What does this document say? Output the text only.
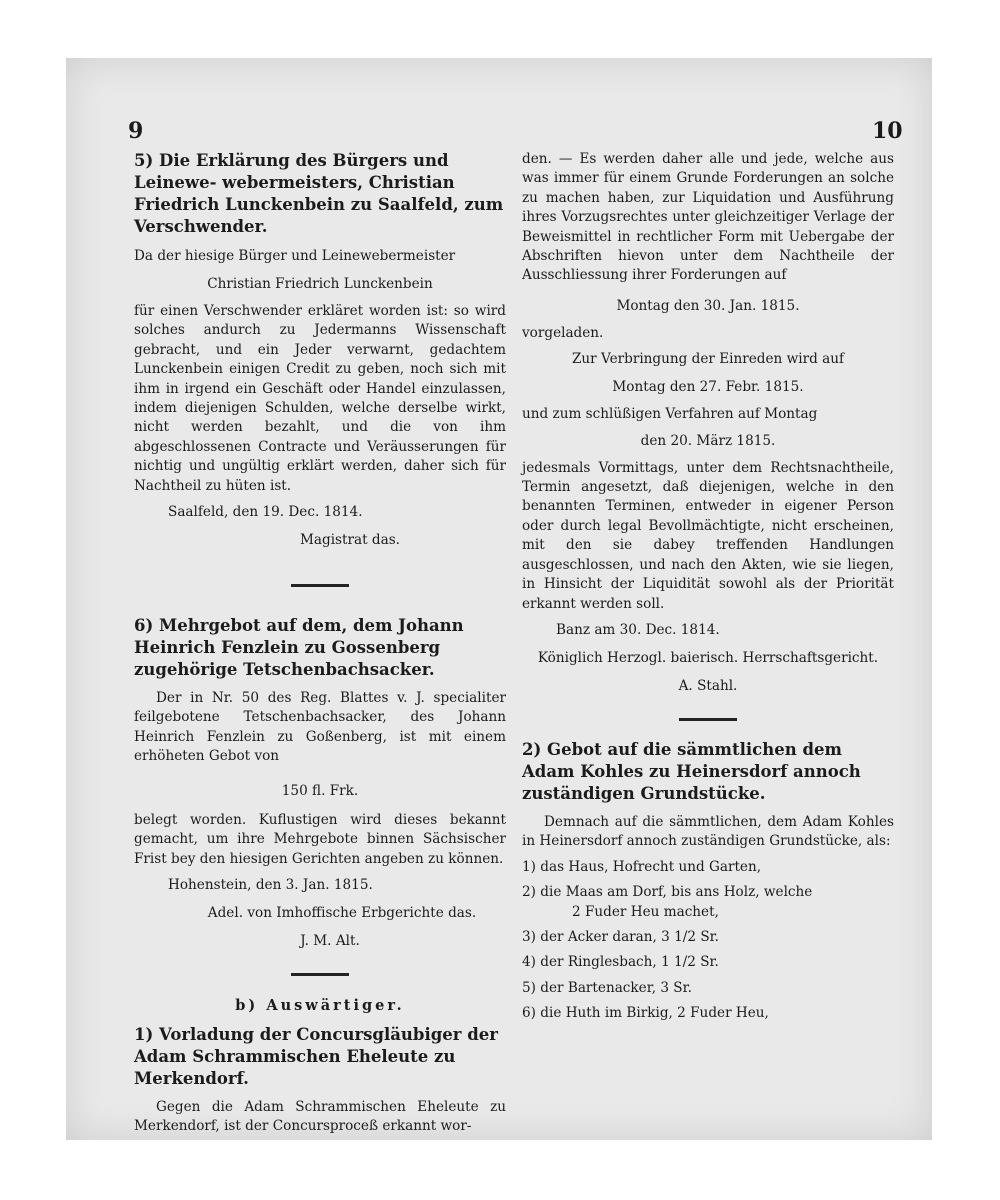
9	10

5) Die Erklärung des Bürgers und Leinewe- webermeisters, Christian Friedrich Lunckenbein zu Saalfeld, zum Verschwender.

Da der hiesige Bürger und Leinewebermeister

Christian Friedrich Lunckenbein

für einen Verschwender erkläret worden ist: so wird solches andurch zu Jedermanns Wissenschaft gebracht, und ein Jeder verwarnt, gedachtem Lunckenbein einigen Credit zu geben, noch sich mit ihm in irgend ein Geschäft oder Handel einzulassen, indem diejenigen Schulden, welche derselbe wirkt, nicht werden bezahlt, und die von ihm abgeschlossenen Contracte und Veräusserungen für nichtig und ungültig erklärt werden, daher sich für Nachtheil zu hüten ist.

Saalfeld, den 19. Dec. 1814.

Magistrat das.

6) Mehrgebot auf dem, dem Johann Heinrich Fenzlein zu Gossenberg zugehörige Tetschenbachsacker.

Der in Nr. 50 des Reg. Blattes v. J. specialiter feilgebotene Tetschenbachsacker, des Johann Heinrich Fenzlein zu Goßenberg, ist mit einem erhöheten Gebot von

150 fl. Frk.

belegt worden. Kuflustigen wird dieses bekannt gemacht, um ihre Mehrgebote binnen Sächsischer Frist bey den hiesigen Gerichten angeben zu können.

Hohenstein, den 3. Jan. 1815.

Adel. von Imhoffische Erbgerichte das.

J. M. Alt.

b) Auswärtiger.

1) Vorladung der Concursgläubiger der Adam Schrammischen Eheleute zu Merkendorf.

Gegen die Adam Schrammischen Eheleute zu Merkendorf, ist der Concursproceß erkannt wor-

den. — Es werden daher alle und jede, welche aus was immer für einem Grunde Forderungen an solche zu machen haben, zur Liquidation und Ausführung ihres Vorzugsrechtes unter gleichzeitiger Verlage der Beweismittel in rechtlicher Form mit Uebergabe der Abschriften hievon unter dem Nachtheile der Ausschliessung ihrer Forderungen auf

Montag den 30. Jan. 1815.

vorgeladen.

Zur Verbringung der Einreden wird auf

Montag den 27. Febr. 1815.

und zum schlüßigen Verfahren auf Montag

den 20. März 1815.

jedesmals Vormittags, unter dem Rechtsnachtheile, Termin angesetzt, daß diejenigen, welche in den benannten Terminen, entweder in eigener Person oder durch legal Bevollmächtigte, nicht erscheinen, mit den sie dabey treffenden Handlungen ausgeschlossen, und nach den Akten, wie sie liegen, in Hinsicht der Liquidität sowohl als der Priorität erkannt werden soll.

Banz am 30. Dec. 1814.

Königlich Herzogl. baierisch. Herrschaftsgericht.

A. Stahl.

2) Gebot auf die sämmtlichen dem Adam Kohles zu Heinersdorf annoch zuständigen Grundstücke.

Demnach auf die sämmtlichen, dem Adam Kohles in Heinersdorf annoch zuständigen Grundstücke, als:

1) das Haus, Hofrecht und Garten,

2) die Maas am Dorf, bis ans Holz, welche
2 Fuder Heu machet,

3) der Acker daran, 3 1/2 Sr.

4) der Ringlesbach, 1 1/2 Sr.

5) der Bartenacker, 3 Sr.

6) die Huth im Birkig, 2 Fuder Heu,
